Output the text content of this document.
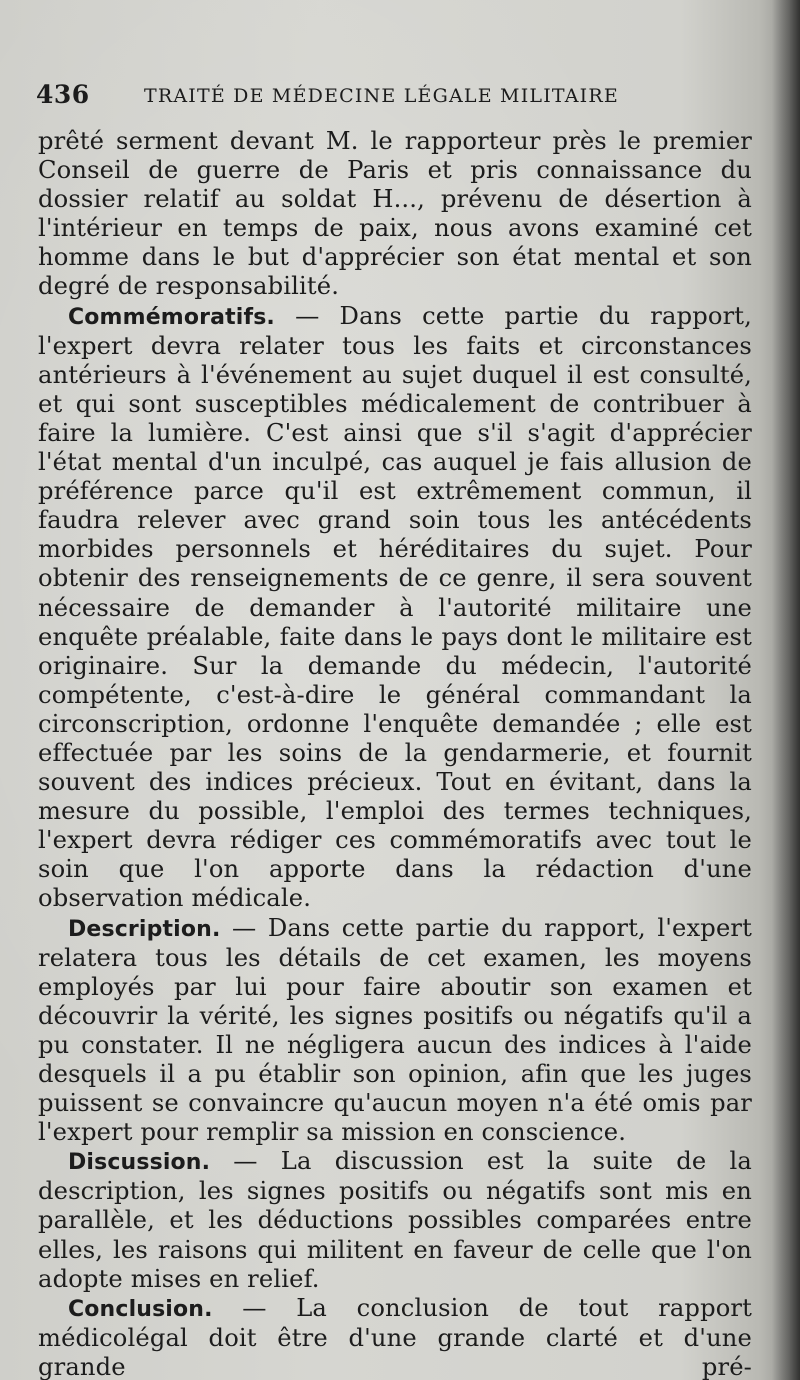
436	TRAITÉ DE MÉDECINE LÉGALE MILITAIRE

prêté serment devant M. le rapporteur près le premier Conseil de guerre de Paris et pris connaissance du dossier relatif au soldat H..., prévenu de désertion à l'intérieur en temps de paix, nous avons examiné cet homme dans le but d'apprécier son état mental et son degré de responsabilité.

Commémoratifs. — Dans cette partie du rapport, l'expert devra relater tous les faits et circonstances antérieurs à l'événement au sujet duquel il est consulté, et qui sont susceptibles médicalement de contribuer à faire la lumière. C'est ainsi que s'il s'agit d'apprécier l'état mental d'un inculpé, cas auquel je fais allusion de préférence parce qu'il est extrêmement commun, il faudra relever avec grand soin tous les antécédents morbides personnels et héréditaires du sujet. Pour obtenir des renseignements de ce genre, il sera souvent nécessaire de demander à l'autorité militaire une enquête préalable, faite dans le pays dont le militaire est originaire. Sur la demande du médecin, l'autorité compétente, c'est-à-dire le général commandant la circonscription, ordonne l'enquête demandée ; elle est effectuée par les soins de la gendarmerie, et fournit souvent des indices précieux. Tout en évitant, dans la mesure du possible, l'emploi des termes techniques, l'expert devra rédiger ces commémoratifs avec tout le soin que l'on apporte dans la rédaction d'une observation médicale.

Description. — Dans cette partie du rapport, l'expert relatera tous les détails de cet examen, les moyens employés par lui pour faire aboutir son examen et découvrir la vérité, les signes positifs ou négatifs qu'il a pu constater. Il ne négligera aucun des indices à l'aide desquels il a pu établir son opinion, afin que les juges puissent se convaincre qu'aucun moyen n'a été omis par l'expert pour remplir sa mission en conscience.

Discussion. — La discussion est la suite de la description, les signes positifs ou négatifs sont mis en parallèle, et les déductions possibles comparées entre elles, les raisons qui militent en faveur de celle que l'on adopte mises en relief.

Conclusion. — La conclusion de tout rapport médicolégal doit être d'une grande clarté et d'une grande pré-
